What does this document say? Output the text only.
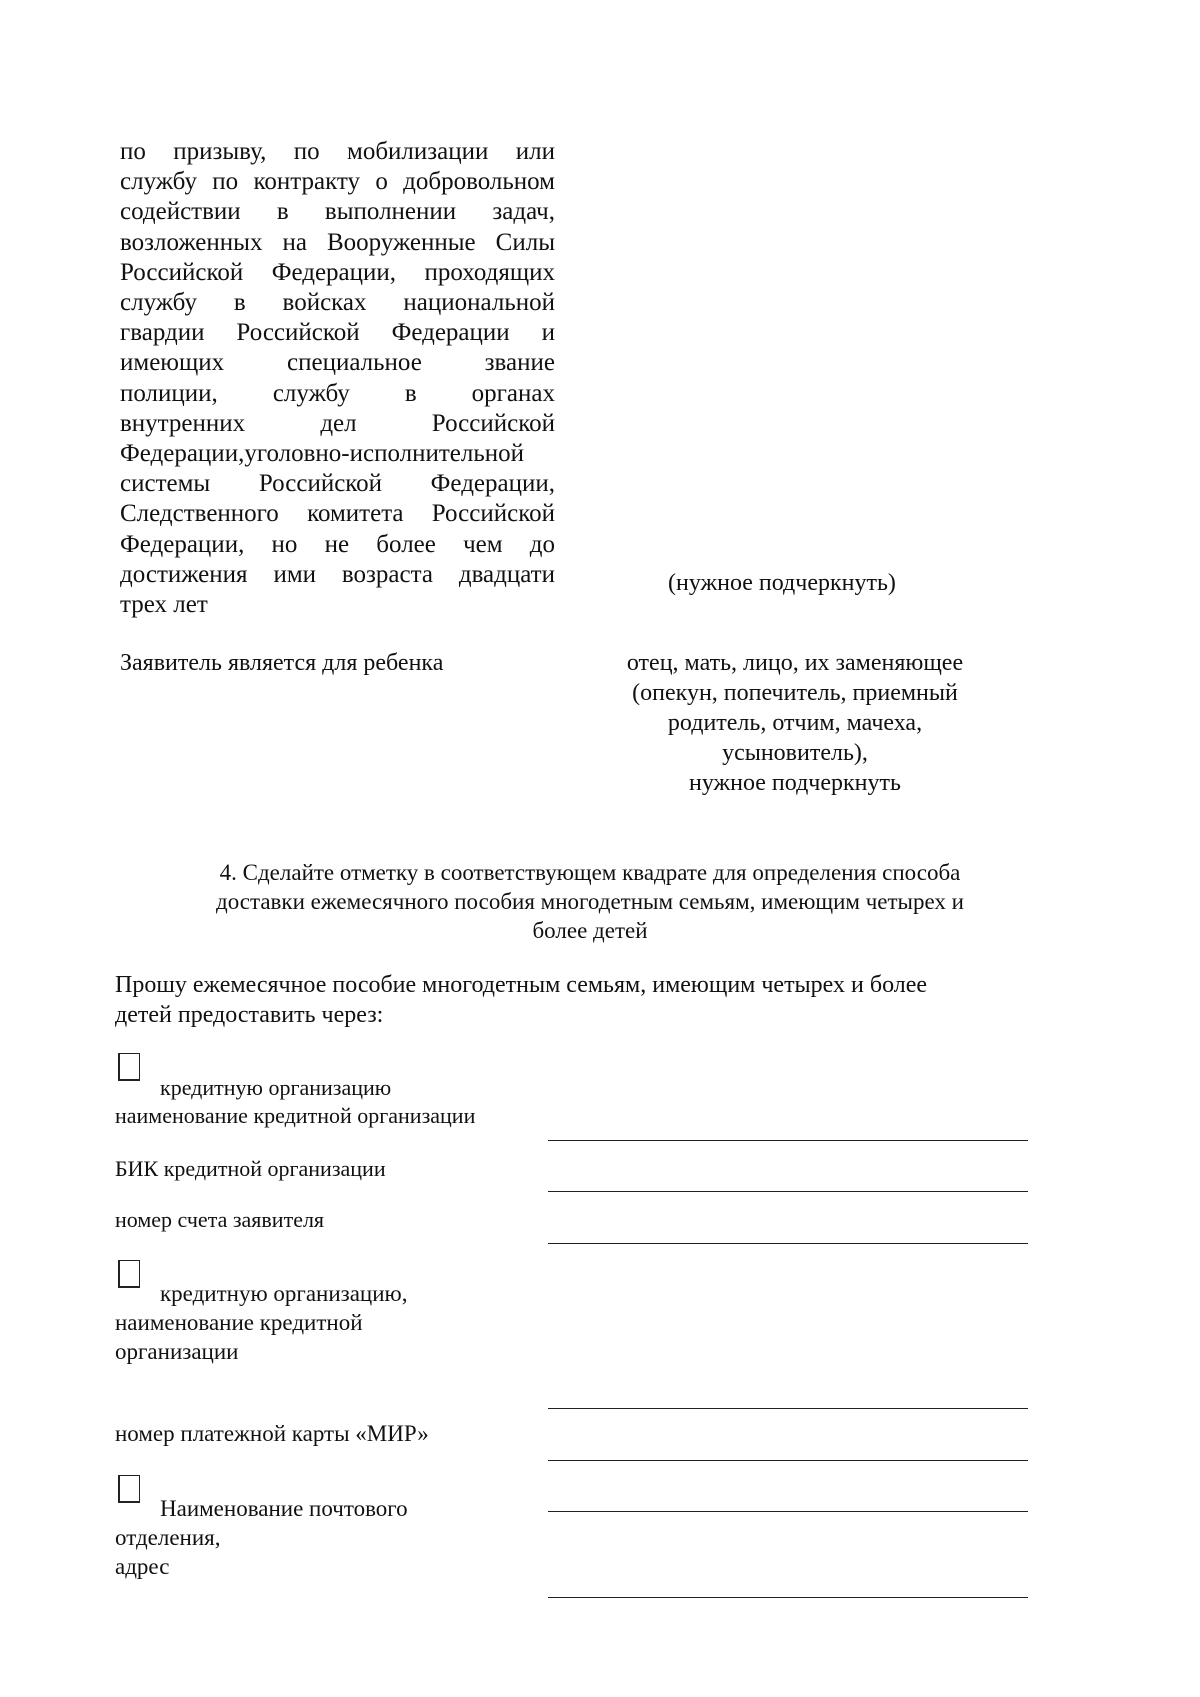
по призыву, по мобилизации или
службу по контракту о добровольном
содействии в выполнении задач,
возложенных на Вооруженные Силы
Российской Федерации, проходящих
службу в войсках национальной
гвардии Российской Федерации и
имеющих специальное звание
полиции, службу в органах
внутренних дел Российской
Федерации,уголовно-исполнительной
системы Российской Федерации,
Следственного комитета Российской
Федерации, но не более чем до
достижения ими возраста двадцати
трех лет
(нужное подчеркнуть)
Заявитель является для ребенка	отец, мать, лицо, их заменяющее
(опекун, попечитель, приемный
родитель, отчим, мачеха,
усыновитель),
нужное подчеркнуть
4. Сделайте отметку в соответствующем квадрате для определения способа
доставки ежемесячного пособия многодетным семьям, имеющим четырех и
более детей
Прошу ежемесячное пособие многодетным семьям, имеющим четырех и более
детей предоставить через:
кредитную организацию
наименование кредитной организации
БИК кредитной организации
номер счета заявителя
кредитную организацию,
наименование кредитной
организации
номер платежной карты «МИР»
Наименование почтового
отделения,
адрес
